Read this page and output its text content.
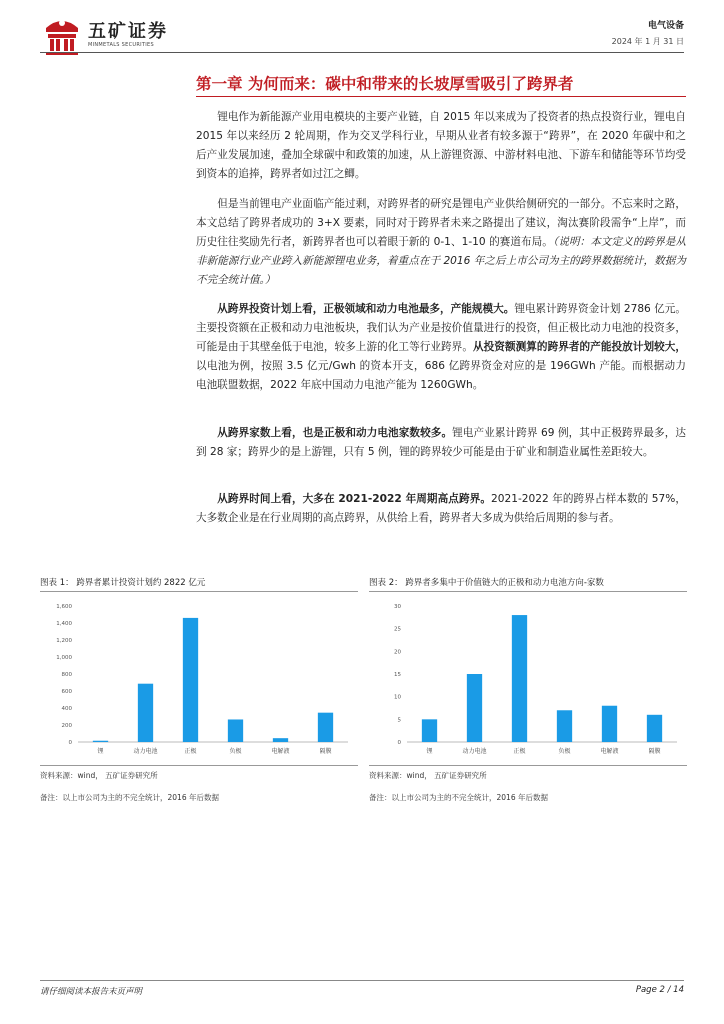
五矿证券
MINMETALS SECURITIES
电气设备
2024 年 1 月 31 日
第一章 为何而来：碳中和带来的长坡厚雪吸引了跨界者

锂电作为新能源产业用电模块的主要产业链，自 2015 年以来成为了投资者的热点投资行业，锂电自 2015 年以来经历 2 轮周期，作为交叉学科行业，早期从业者有较多源于“跨界”，在 2020 年碳中和之后产业发展加速，叠加全球碳中和政策的加速，从上游锂资源、中游材料电池、下游车和储能等环节均受到资本的追捧，跨界者如过江之鲫。

但是当前锂电产业面临产能过剩，对跨界者的研究是锂电产业供给侧研究的一部分。不忘来时之路，本文总结了跨界者成功的 3+X 要素，同时对于跨界者未来之路提出了建议，淘汰赛阶段需争“上岸”，而历史往往奖励先行者，新跨界者也可以着眼于新的 0-1、1-10 的赛道布局。（说明：本文定义的跨界是从非新能源行业产业跨入新能源锂电业务，着重点在于 2016 年之后上市公司为主的跨界数据统计，数据为不完全统计值。）

从跨界投资计划上看，正极领域和动力电池最多，产能规模大。锂电累计跨界资金计划 2786 亿元。主要投资额在正极和动力电池板块，我们认为产业是按价值量进行的投资，但正极比动力电池的投资多，可能是由于其壁垒低于电池，较多上游的化工等行业跨界。从投资额测算的跨界者的产能投放计划较大，以电池为例，按照 3.5 亿元/Gwh 的资本开支，686 亿跨界资金对应的是 196GWh 产能。而根据动力电池联盟数据，2022 年底中国动力电池产能为 1260GWh。

从跨界家数上看，也是正极和动力电池家数较多。锂电产业累计跨界 69 例，其中正极跨界最多，达到 28 家；跨界少的是上游锂，只有 5 例，锂的跨界较少可能是由于矿业和制造业属性差距较大。

从跨界时间上看，大多在 2021-2022 年周期高点跨界。2021-2022 年的跨界占样本数的 57%，大多数企业是在行业周期的高点跨界，从供给上看，跨界者大多成为供给后周期的参与者。

图表 1： 跨界者累计投资计划约 2822 亿元
0
200
400
600
800
1,000
1,200
1,400
1,600
锂	动力电池	正极	负极	电解液	隔膜
资料来源：wind， 五矿证券研究所
备注：以上市公司为主的不完全统计，2016 年后数据
图表 2： 跨界者多集中于价值链大的正极和动力电池方向-家数
0
5
10
15
20
25
30
锂	动力电池	正极	负极	电解液	隔膜
资料来源：wind， 五矿证券研究所
备注：以上市公司为主的不完全统计，2016 年后数据
请仔细阅读本报告末页声明	Page 2 / 14
